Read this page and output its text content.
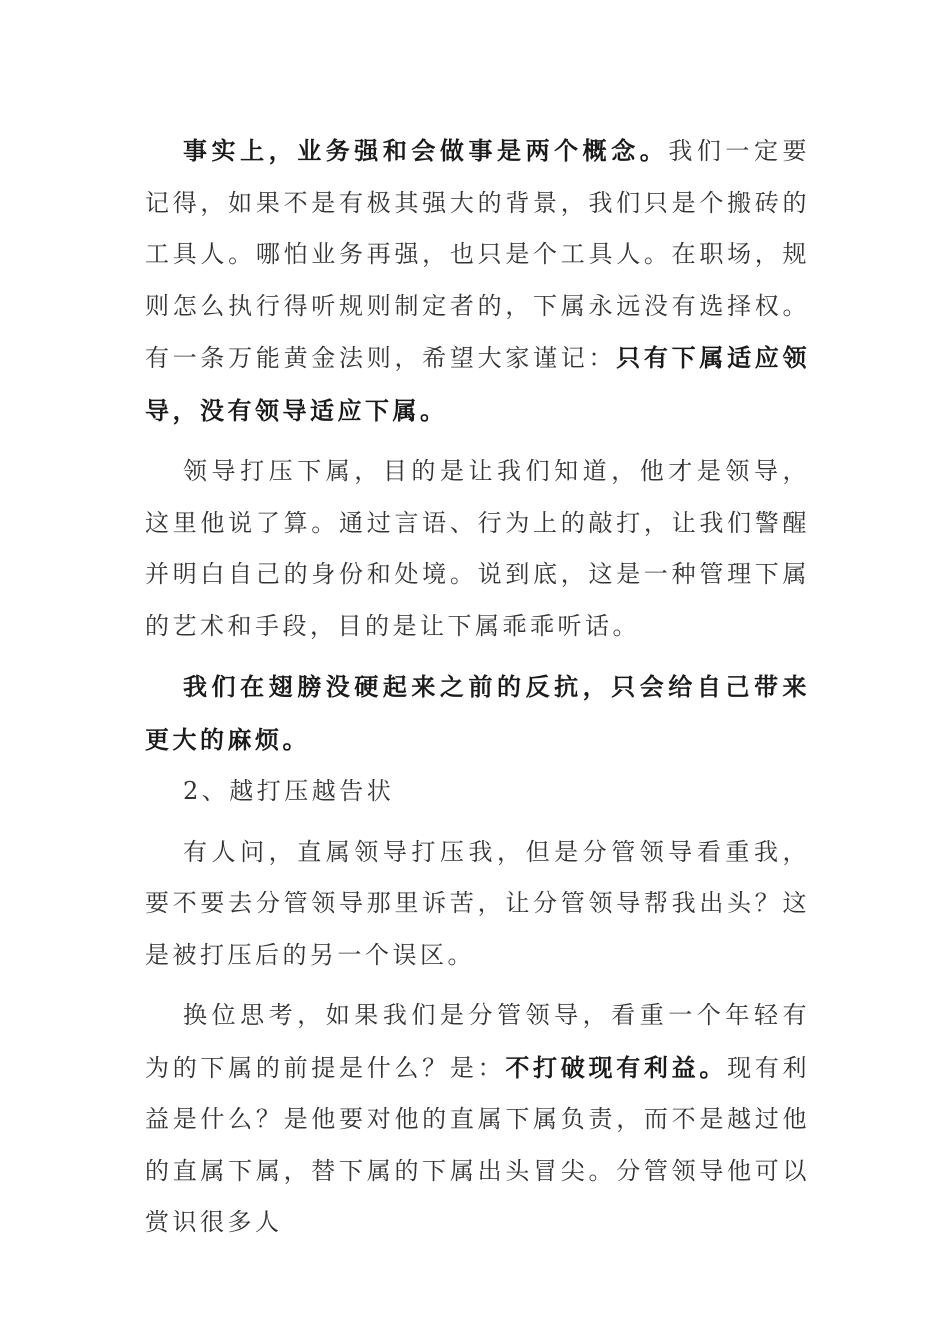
事实上，业务强和会做事是两个概念。我们一定要记得，如果不是有极其强大的背景，我们只是个搬砖的工具人。哪怕业务再强，也只是个工具人。在职场，规则怎么执行得听规则制定者的，下属永远没有选择权。有一条万能黄金法则，希望大家谨记：只有下属适应领导，没有领导适应下属。

领导打压下属，目的是让我们知道，他才是领导，这里他说了算。通过言语、行为上的敲打，让我们警醒并明白自己的身份和处境。说到底，这是一种管理下属的艺术和手段，目的是让下属乖乖听话。

我们在翅膀没硬起来之前的反抗，只会给自己带来更大的麻烦。

2、越打压越告状

有人问，直属领导打压我，但是分管领导看重我，要不要去分管领导那里诉苦，让分管领导帮我出头？这是被打压后的另一个误区。

换位思考，如果我们是分管领导，看重一个年轻有为的下属的前提是什么？是：不打破现有利益。现有利益是什么？是他要对他的直属下属负责，而不是越过他的直属下属，替下属的下属出头冒尖。分管领导他可以赏识很多人
